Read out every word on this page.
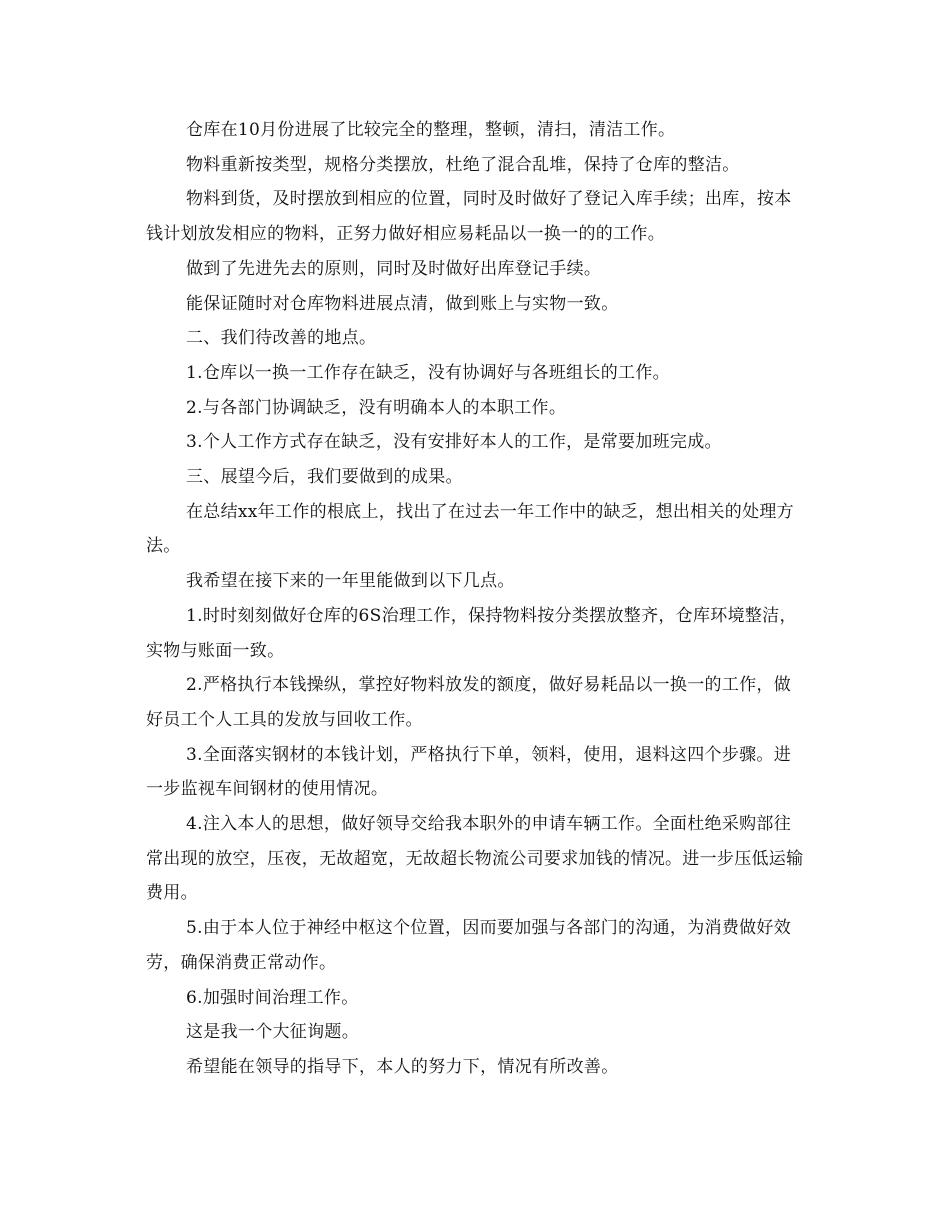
仓库在10月份进展了比较完全的整理，整顿，清扫，清洁工作。

物料重新按类型，规格分类摆放，杜绝了混合乱堆，保持了仓库的整洁。

物料到货，及时摆放到相应的位置，同时及时做好了登记入库手续；出库，按本钱计划放发相应的物料，正努力做好相应易耗品以一换一的的工作。

做到了先进先去的原则，同时及时做好出库登记手续。

能保证随时对仓库物料进展点清，做到账上与实物一致。

二、我们待改善的地点。

1.仓库以一换一工作存在缺乏，没有协调好与各班组长的工作。

2.与各部门协调缺乏，没有明确本人的本职工作。

3.个人工作方式存在缺乏，没有安排好本人的工作，是常要加班完成。

三、展望今后，我们要做到的成果。

在总结xx年工作的根底上，找出了在过去一年工作中的缺乏，想出相关的处理方法。

我希望在接下来的一年里能做到以下几点。

1.时时刻刻做好仓库的6S治理工作，保持物料按分类摆放整齐，仓库环境整洁，实物与账面一致。

2.严格执行本钱操纵，掌控好物料放发的额度，做好易耗品以一换一的工作，做好员工个人工具的发放与回收工作。

3.全面落实钢材的本钱计划，严格执行下单，领料，使用，退料这四个步骤。进一步监视车间钢材的使用情况。

4.注入本人的思想，做好领导交给我本职外的申请车辆工作。全面杜绝采购部往常出现的放空，压夜，无故超宽，无故超长物流公司要求加钱的情况。进一步压低运输费用。

5.由于本人位于神经中枢这个位置，因而要加强与各部门的沟通，为消费做好效劳，确保消费正常动作。

6.加强时间治理工作。

这是我一个大征询题。

希望能在领导的指导下，本人的努力下，情况有所改善。
